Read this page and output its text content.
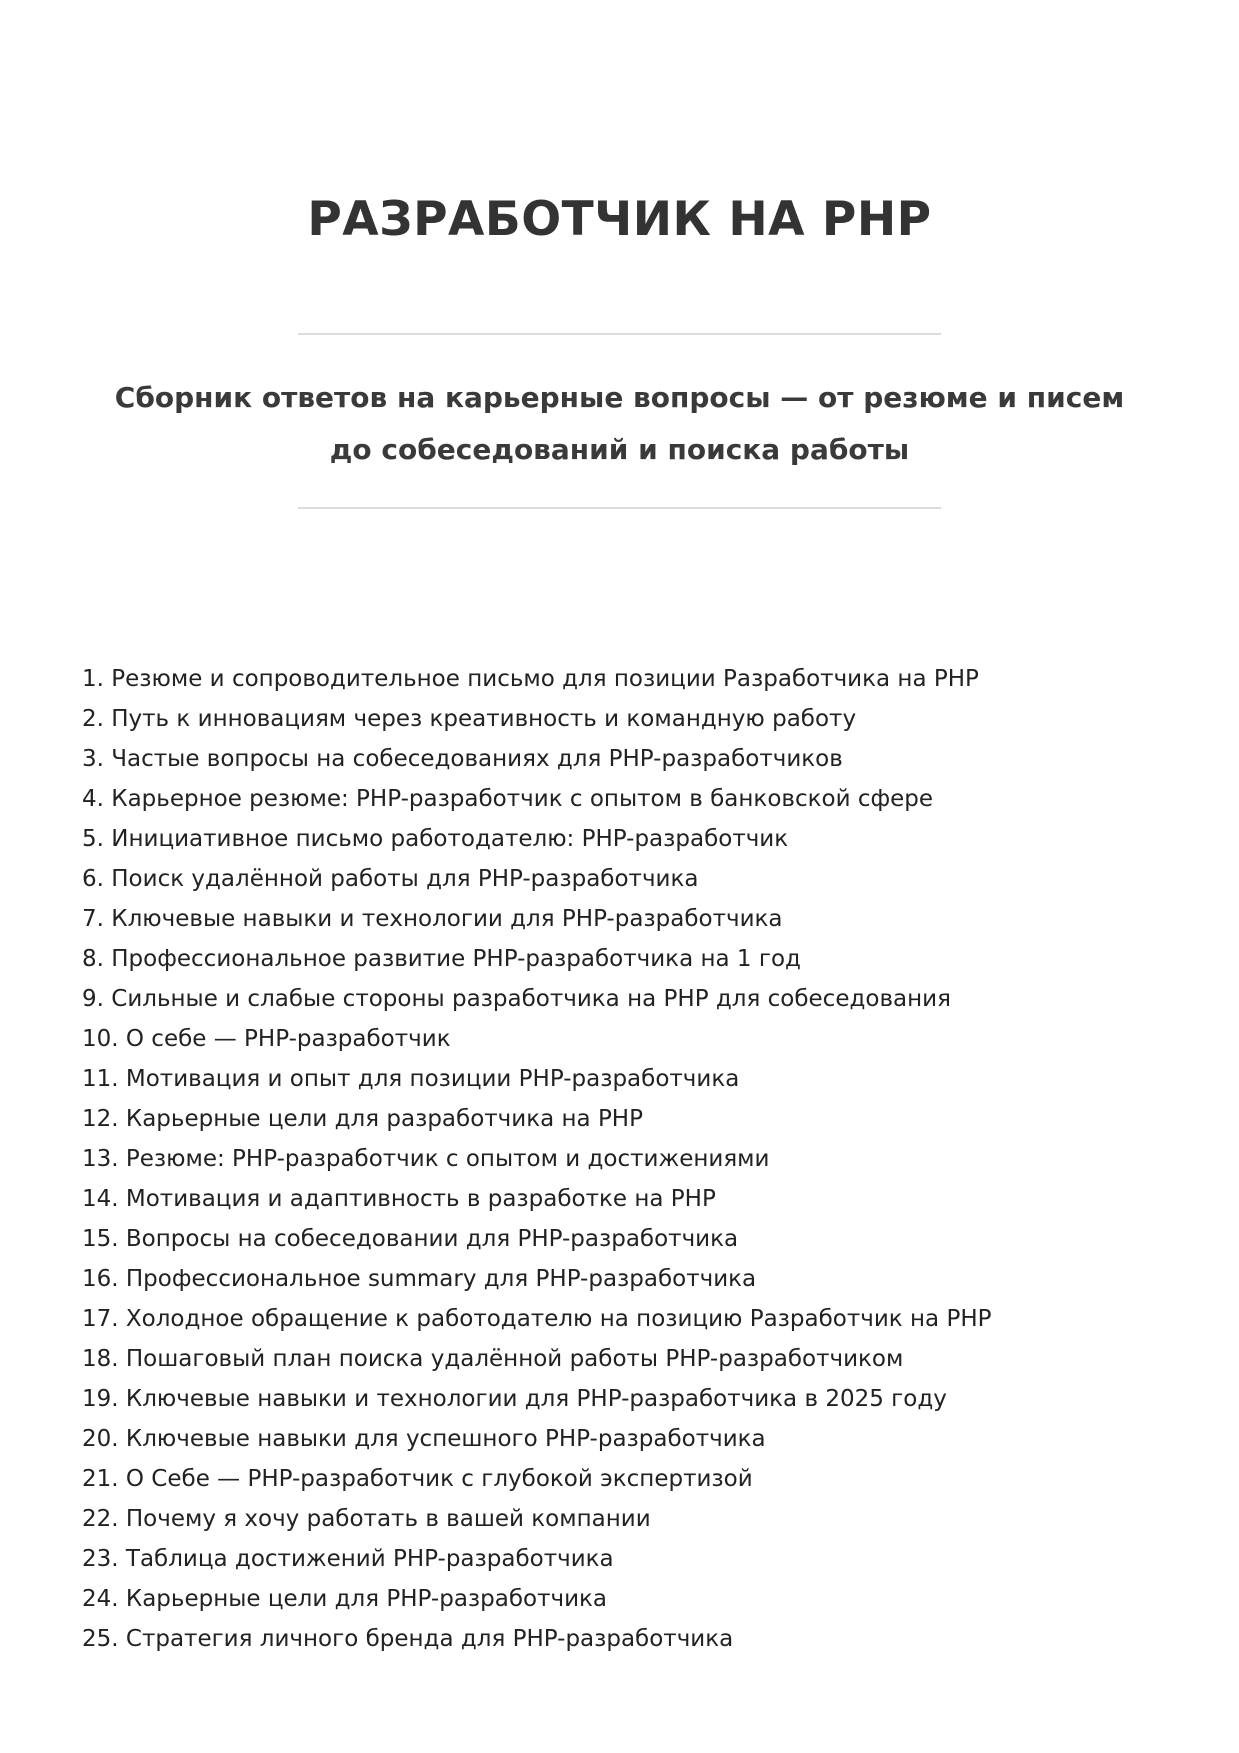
РАЗРАБОТЧИК НА PHP

Сборник ответов на карьерные вопросы — от резюме и писем до собеседований и поиска работы

1. Резюме и сопроводительное письмо для позиции Разработчика на PHP
2. Путь к инновациям через креативность и командную работу
3. Частые вопросы на собеседованиях для PHP-разработчиков
4. Карьерное резюме: PHP-разработчик с опытом в банковской сфере
5. Инициативное письмо работодателю: PHP-разработчик
6. Поиск удалённой работы для PHP-разработчика
7. Ключевые навыки и технологии для PHP-разработчика
8. Профессиональное развитие PHP-разработчика на 1 год
9. Сильные и слабые стороны разработчика на PHP для собеседования
10. О себе — PHP-разработчик
11. Мотивация и опыт для позиции PHP-разработчика
12. Карьерные цели для разработчика на PHP
13. Резюме: PHP-разработчик с опытом и достижениями
14. Мотивация и адаптивность в разработке на PHP
15. Вопросы на собеседовании для PHP-разработчика
16. Профессиональное summary для PHP-разработчика
17. Холодное обращение к работодателю на позицию Разработчик на PHP
18. Пошаговый план поиска удалённой работы PHP-разработчиком
19. Ключевые навыки и технологии для PHP-разработчика в 2025 году
20. Ключевые навыки для успешного PHP-разработчика
21. О Себе — PHP-разработчик с глубокой экспертизой
22. Почему я хочу работать в вашей компании
23. Таблица достижений PHP-разработчика
24. Карьерные цели для PHP-разработчика
25. Стратегия личного бренда для PHP-разработчика
